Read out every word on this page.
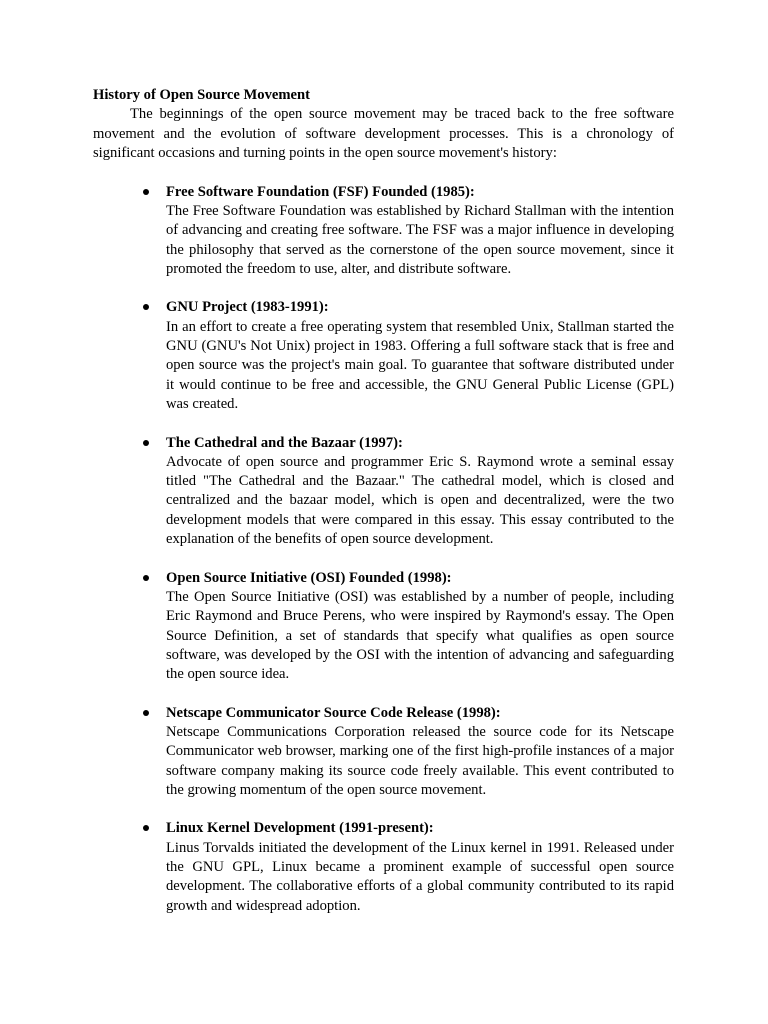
History of Open Source Movement

The beginnings of the open source movement may be traced back to the free software movement and the evolution of software development processes. This is a chronology of significant occasions and turning points in the open source movement's history:

Free Software Foundation (FSF) Founded (1985):
The Free Software Foundation was established by Richard Stallman with the intention of advancing and creating free software. The FSF was a major influence in developing the philosophy that served as the cornerstone of the open source movement, since it promoted the freedom to use, alter, and distribute software.
GNU Project (1983-1991):
In an effort to create a free operating system that resembled Unix, Stallman started the GNU (GNU's Not Unix) project in 1983. Offering a full software stack that is free and open source was the project's main goal. To guarantee that software distributed under it would continue to be free and accessible, the GNU General Public License (GPL) was created.
The Cathedral and the Bazaar (1997):
Advocate of open source and programmer Eric S. Raymond wrote a seminal essay titled "The Cathedral and the Bazaar." The cathedral model, which is closed and centralized and the bazaar model, which is open and decentralized, were the two development models that were compared in this essay. This essay contributed to the explanation of the benefits of open source development.
Open Source Initiative (OSI) Founded (1998):
The Open Source Initiative (OSI) was established by a number of people, including Eric Raymond and Bruce Perens, who were inspired by Raymond's essay. The Open Source Definition, a set of standards that specify what qualifies as open source software, was developed by the OSI with the intention of advancing and safeguarding the open source idea.
Netscape Communicator Source Code Release (1998):
Netscape Communications Corporation released the source code for its Netscape Communicator web browser, marking one of the first high-profile instances of a major software company making its source code freely available. This event contributed to the growing momentum of the open source movement.
Linux Kernel Development (1991-present):
Linus Torvalds initiated the development of the Linux kernel in 1991. Released under the GNU GPL, Linux became a prominent example of successful open source development. The collaborative efforts of a global community contributed to its rapid growth and widespread adoption.
